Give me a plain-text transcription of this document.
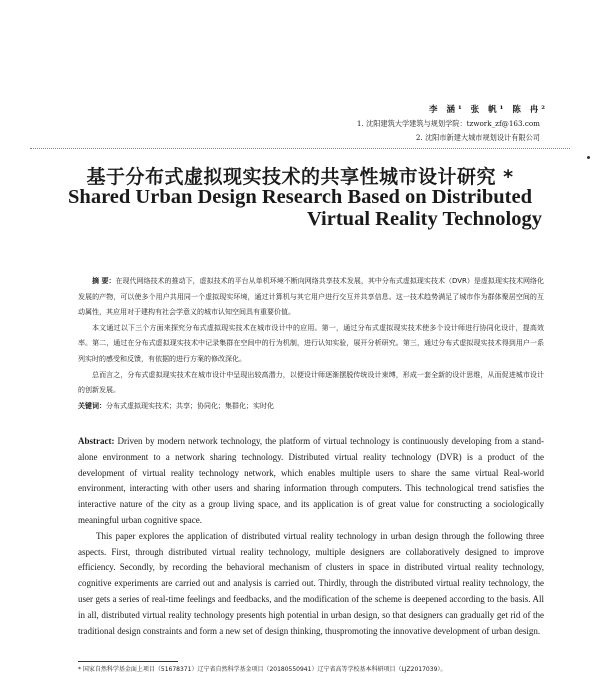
李 涵¹ 张 帆¹ 陈 冉²
1. 沈阳建筑大学建筑与规划学院：tzwork_zf@163.com
2. 沈阳市新建大城市规划设计有限公司
基于分布式虚拟现实技术的共享性城市设计研究 *
Shared Urban Design Research Based on Distributed
Virtual Reality Technology
摘 要：在现代网络技术的推动下，虚拟技术的平台从单机环境不断向网络共享技术发展，其中分布式虚拟现实技术（DVR）是虚拟现实技术网络化发展的产物，可以使多个用户共用同一个虚拟现实环境，通过计算机与其它用户进行交互并共享信息。这一技术趋势满足了城市作为群体聚居空间的互动属性，其应用对于建构有社会学意义的城市认知空间具有重要价值。
本文通过以下三个方面来探究分布式虚拟现实技术在城市设计中的应用。第一，通过分布式虚拟现实技术使多个设计师进行协同化设计，提高效率。第二，通过在分布式虚拟现实技术中记录集群在空间中的行为机制，进行认知实验，展开分析研究。第三，通过分布式虚拟现实技术得到用户一系列实时的感受和反馈，有依据的进行方案的修改深化。
总而言之，分布式虚拟现实技术在城市设计中呈现出较高潜力，以便设计师逐渐摆脱传统设计束缚，形成一套全新的设计思维，从而促进城市设计的创新发展。
关键词：分布式虚拟现实技术；共享；协同化；集群化；实时化
Abstract: Driven by modern network technology, the platform of virtual technology is continuously developing from a stand-alone environment to a network sharing technology. Distributed virtual reality technology (DVR) is a product of the development of virtual reality technology network, which enables multiple users to share the same virtual Real-world environment, interacting with other users and sharing information through computers. This technological trend satisfies the interactive nature of the city as a group living space, and its application is of great value for constructing a sociologically meaningful urban cognitive space.
This paper explores the application of distributed virtual reality technology in urban design through the following three aspects. First, through distributed virtual reality technology, multiple designers are collaboratively designed to improve efficiency. Secondly, by recording the behavioral mechanism of clusters in space in distributed virtual reality technology, cognitive experiments are carried out and analysis is carried out. Thirdly, through the distributed virtual reality technology, the user gets a series of real-time feelings and feedbacks, and the modification of the scheme is deepened according to the basis. All in all, distributed virtual reality technology presents high potential in urban design, so that designers can gradually get rid of the traditional design constraints and form a new set of design thinking, thuspromoting the innovative development of urban design.
* 国家自然科学基金面上项目（51678371）辽宁省自然科学基金项目（20180550941）辽宁省高等学校基本科研项目（LJZ2017039）。
